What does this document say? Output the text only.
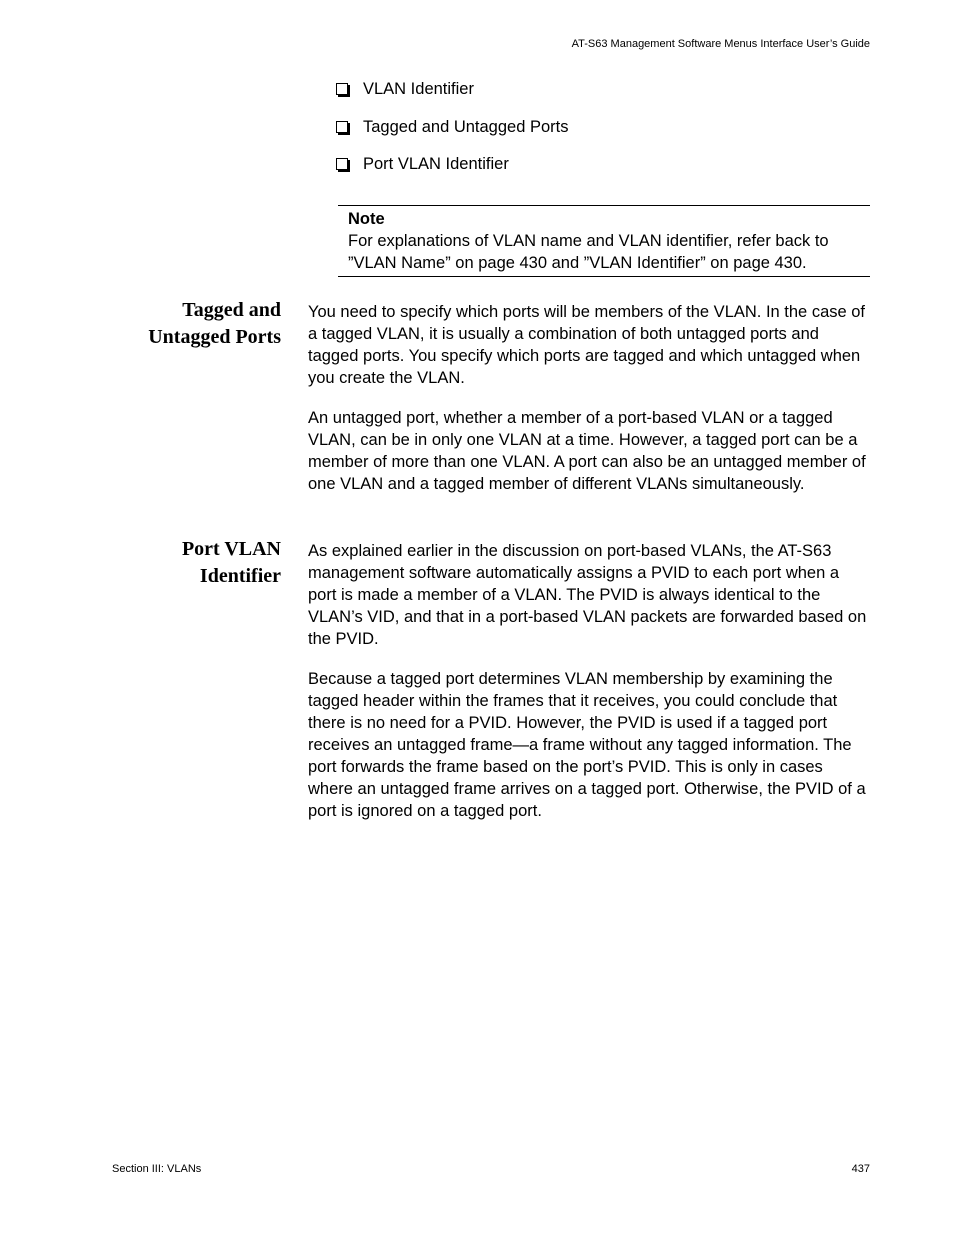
AT-S63 Management Software Menus Interface User’s Guide
VLAN Identifier
Tagged and Untagged Ports
Port VLAN Identifier
Note
For explanations of VLAN name and VLAN identifier, refer back to
”VLAN Name” on page 430 and ”VLAN Identifier” on page 430.
Tagged and
Untagged Ports

You need to specify which ports will be members of the VLAN. In the case of a tagged VLAN, it is usually a combination of both untagged ports and tagged ports. You specify which ports are tagged and which untagged when you create the VLAN.

An untagged port, whether a member of a port-based VLAN or a tagged VLAN, can be in only one VLAN at a time. However, a tagged port can be a member of more than one VLAN. A port can also be an untagged member of one VLAN and a tagged member of different VLANs simultaneously.

Port VLAN
Identifier

As explained earlier in the discussion on port-based VLANs, the AT-S63 management software automatically assigns a PVID to each port when a port is made a member of a VLAN. The PVID is always identical to the VLAN’s VID, and that in a port-based VLAN packets are forwarded based on the PVID.

Because a tagged port determines VLAN membership by examining the tagged header within the frames that it receives, you could conclude that there is no need for a PVID. However, the PVID is used if a tagged port receives an untagged frame—a frame without any tagged information. The port forwards the frame based on the port’s PVID. This is only in cases where an untagged frame arrives on a tagged port. Otherwise, the PVID of a port is ignored on a tagged port.

Section III: VLANs	437
